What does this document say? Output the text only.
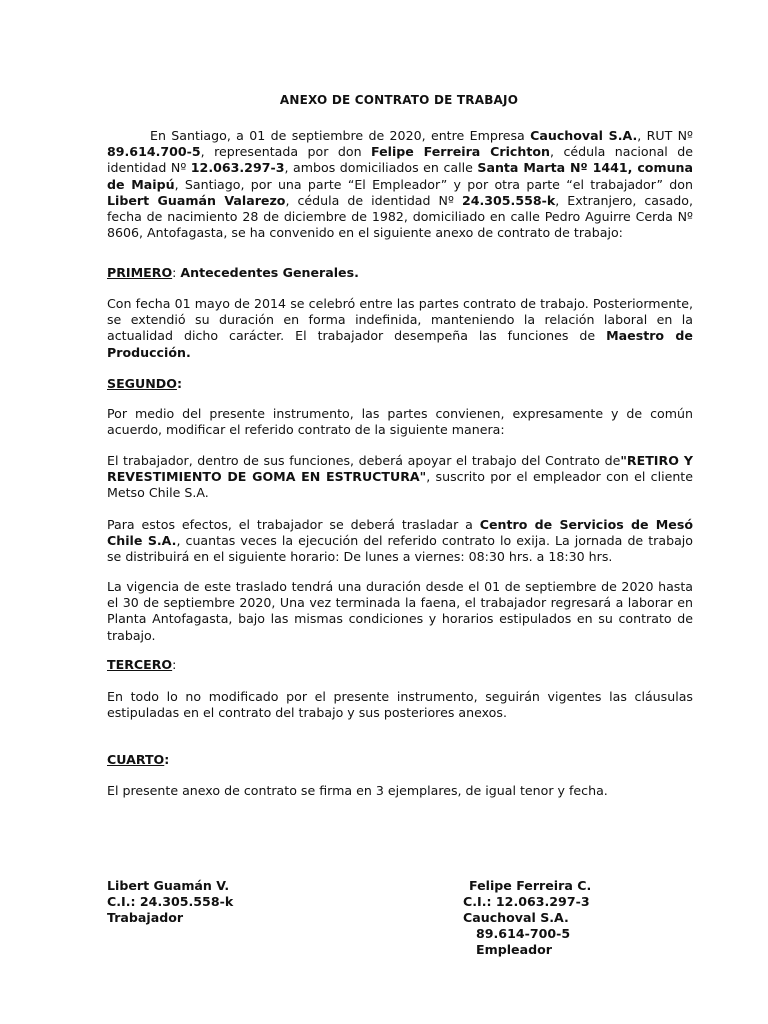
ANEXO DE CONTRATO DE TRABAJO

En Santiago, a 01 de septiembre de 2020, entre Empresa Cauchoval S.A., RUT Nº 89.614.700-5, representada por don Felipe Ferreira Crichton, cédula nacional de identidad Nº 12.063.297-3, ambos domiciliados en calle Santa Marta Nº 1441, comuna de Maipú, Santiago, por una parte “El Empleador” y por otra parte “el trabajador” don Libert Guamán Valarezo, cédula de identidad Nº 24.305.558-k, Extranjero, casado, fecha de nacimiento 28 de diciembre de 1982, domiciliado en calle Pedro Aguirre Cerda Nº 8606, Antofagasta, se ha convenido en el siguiente anexo de contrato de trabajo:

PRIMERO: Antecedentes Generales.

Con fecha 01 mayo de 2014 se celebró entre las partes contrato de trabajo. Posteriormente, se extendió su duración en forma indefinida, manteniendo la relación laboral en la actualidad dicho carácter. El trabajador desempeña las funciones de Maestro de Producción.

SEGUNDO:

Por medio del presente instrumento, las partes convienen, expresamente y de común acuerdo, modificar el referido contrato de la siguiente manera:

El trabajador, dentro de sus funciones, deberá apoyar el trabajo del Contrato de"RETIRO Y REVESTIMIENTO DE GOMA EN ESTRUCTURA", suscrito por el empleador con el cliente Metso Chile S.A.

Para estos efectos, el trabajador se deberá trasladar a Centro de Servicios de Mesó Chile S.A., cuantas veces la ejecución del referido contrato lo exija. La jornada de trabajo se distribuirá en el siguiente horario: De lunes a viernes: 08:30 hrs. a 18:30 hrs.

La vigencia de este traslado tendrá una duración desde el 01 de septiembre de 2020 hasta el 30 de septiembre 2020, Una vez terminada la faena, el trabajador regresará a laborar en Planta Antofagasta, bajo las mismas condiciones y horarios estipulados en su contrato de trabajo.

TERCERO:

En todo lo no modificado por el presente instrumento, seguirán vigentes las cláusulas estipuladas en el contrato del trabajo y sus posteriores anexos.

CUARTO:

El presente anexo de contrato se firma en 3 ejemplares, de igual tenor y fecha.

Libert Guamán V.
C.I.: 24.305.558-k
Trabajador
Felipe Ferreira C.
C.I.: 12.063.297-3
Cauchoval S.A.
89.614-700-5
Empleador
